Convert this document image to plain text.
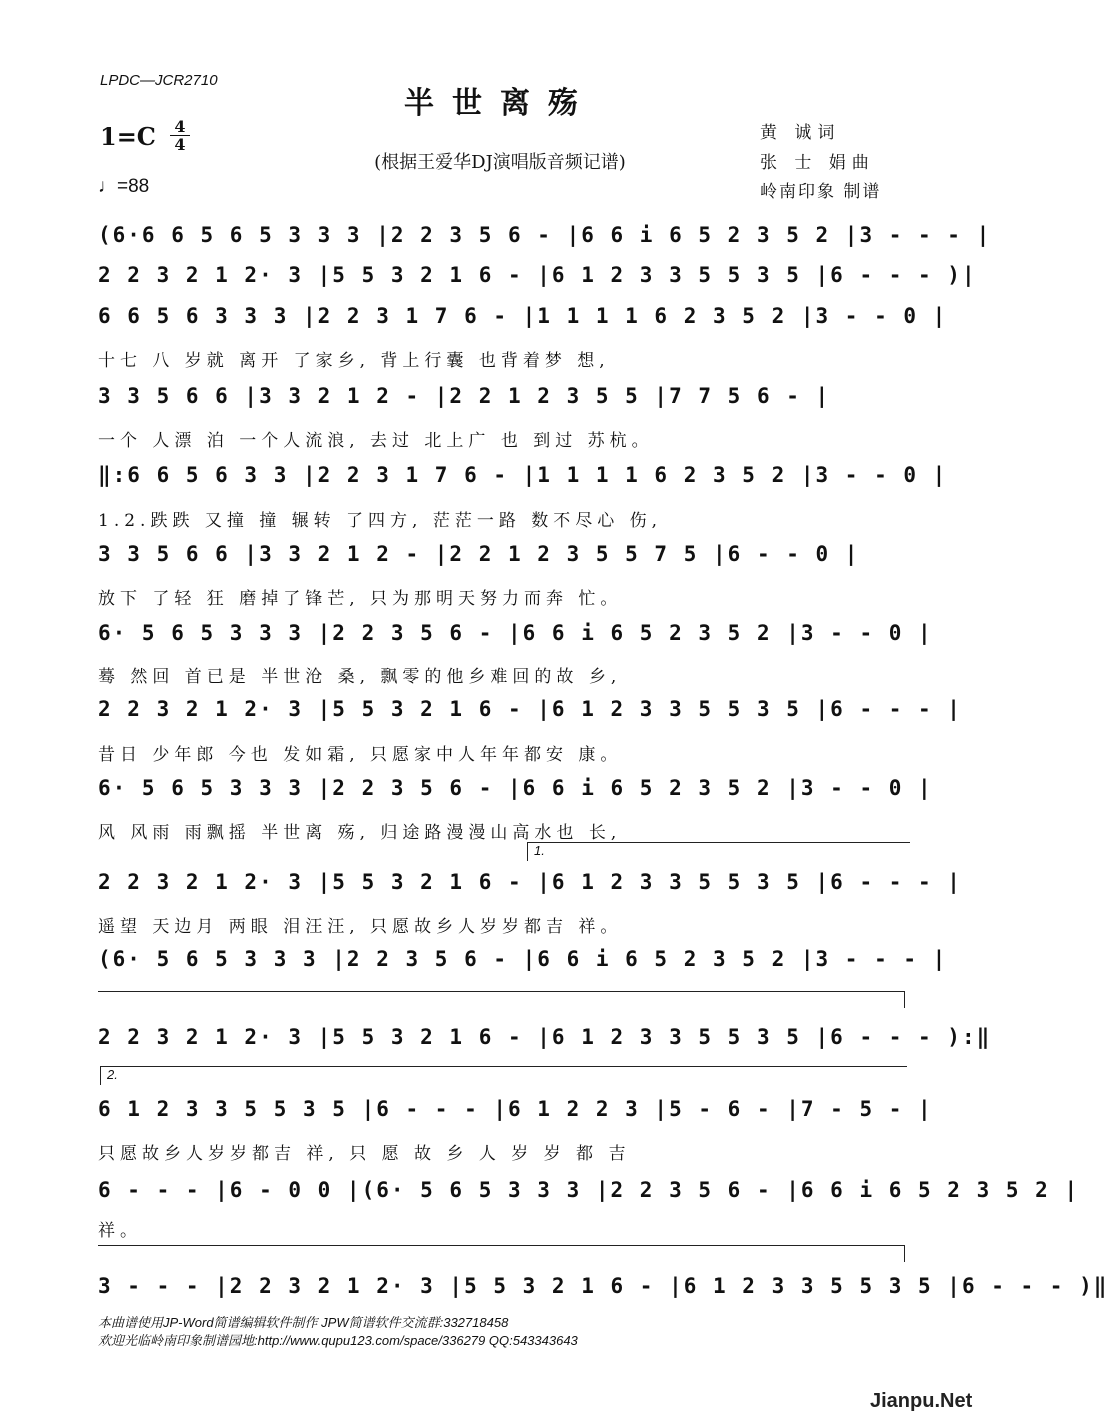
LPDC—JCR2710
半世离殇
(根据王爱华DJ演唱版音频记谱)
1=C 4
4
♩=88
黄 诚词
张 士 娟曲
岭南印象 制谱
(6·6 6 5 6 5 3 3 3 |2 2 3 5 6 - |6 6 i 6 5 2 3 5 2 |3 - - - |
2 2 3 2 1 2· 3 |5 5 3 2 1 6 - |6 1 2 3 3 5 5 3 5 |6 - - - )|
6 6 5 6 3 3 3 |2 2 3 1 7 6 - |1 1 1 1 6 2 3 5 2 |3 - - 0 |
十七 八 岁就 离开 了家乡, 背上行囊 也背着梦 想,
3 3 5 6 6 |3 3 2 1 2 - |2 2 1 2 3 5 5 |7 7 5 6 - |
一个 人漂 泊 一个人流浪, 去过 北上广 也 到过 苏杭。
‖:6 6 5 6 3 3 |2 2 3 1 7 6 - |1 1 1 1 6 2 3 5 2 |3 - - 0 |
1.2.跌跌 又撞 撞 辗转 了四方, 茫茫一路 数不尽心 伤,
3 3 5 6 6 |3 3 2 1 2 - |2 2 1 2 3 5 5 7 5 |6 - - 0 |
放下 了轻 狂 磨掉了锋芒, 只为那明天努力而奔 忙。
6· 5 6 5 3 3 3 |2 2 3 5 6 - |6 6 i 6 5 2 3 5 2 |3 - - 0 |
蓦 然回 首已是 半世沧 桑, 飘零的他乡难回的故 乡,
2 2 3 2 1 2· 3 |5 5 3 2 1 6 - |6 1 2 3 3 5 5 3 5 |6 - - - |
昔日 少年郎 今也 发如霜, 只愿家中人年年都安 康。
6· 5 6 5 3 3 3 |2 2 3 5 6 - |6 6 i 6 5 2 3 5 2 |3 - - 0 |
风 风雨 雨飘摇 半世离 殇, 归途路漫漫山高水也 长,
1.
2 2 3 2 1 2· 3 |5 5 3 2 1 6 - |6 1 2 3 3 5 5 3 5 |6 - - - |
遥望 天边月 两眼 泪汪汪, 只愿故乡人岁岁都吉 祥。
(6· 5 6 5 3 3 3 |2 2 3 5 6 - |6 6 i 6 5 2 3 5 2 |3 - - - |
2 2 3 2 1 2· 3 |5 5 3 2 1 6 - |6 1 2 3 3 5 5 3 5 |6 - - - ):‖
2.
6 1 2 3 3 5 5 3 5 |6 - - - |6 1 2 2 3 |5 - 6 - |7 - 5 - |
只愿故乡人岁岁都吉 祥, 只 愿 故 乡 人 岁 岁 都 吉
6 - - - |6 - 0 0 |(6· 5 6 5 3 3 3 |2 2 3 5 6 - |6 6 i 6 5 2 3 5 2 |
祥。
3 - - - |2 2 3 2 1 2· 3 |5 5 3 2 1 6 - |6 1 2 3 3 5 5 3 5 |6 - - - )‖
本曲谱使用JP-Word简谱编辑软件制作 JPW简谱软件交流群:332718458
欢迎光临岭南印象制谱园地:http://www.qupu123.com/space/336279 QQ:543343643
Jianpu.Net
